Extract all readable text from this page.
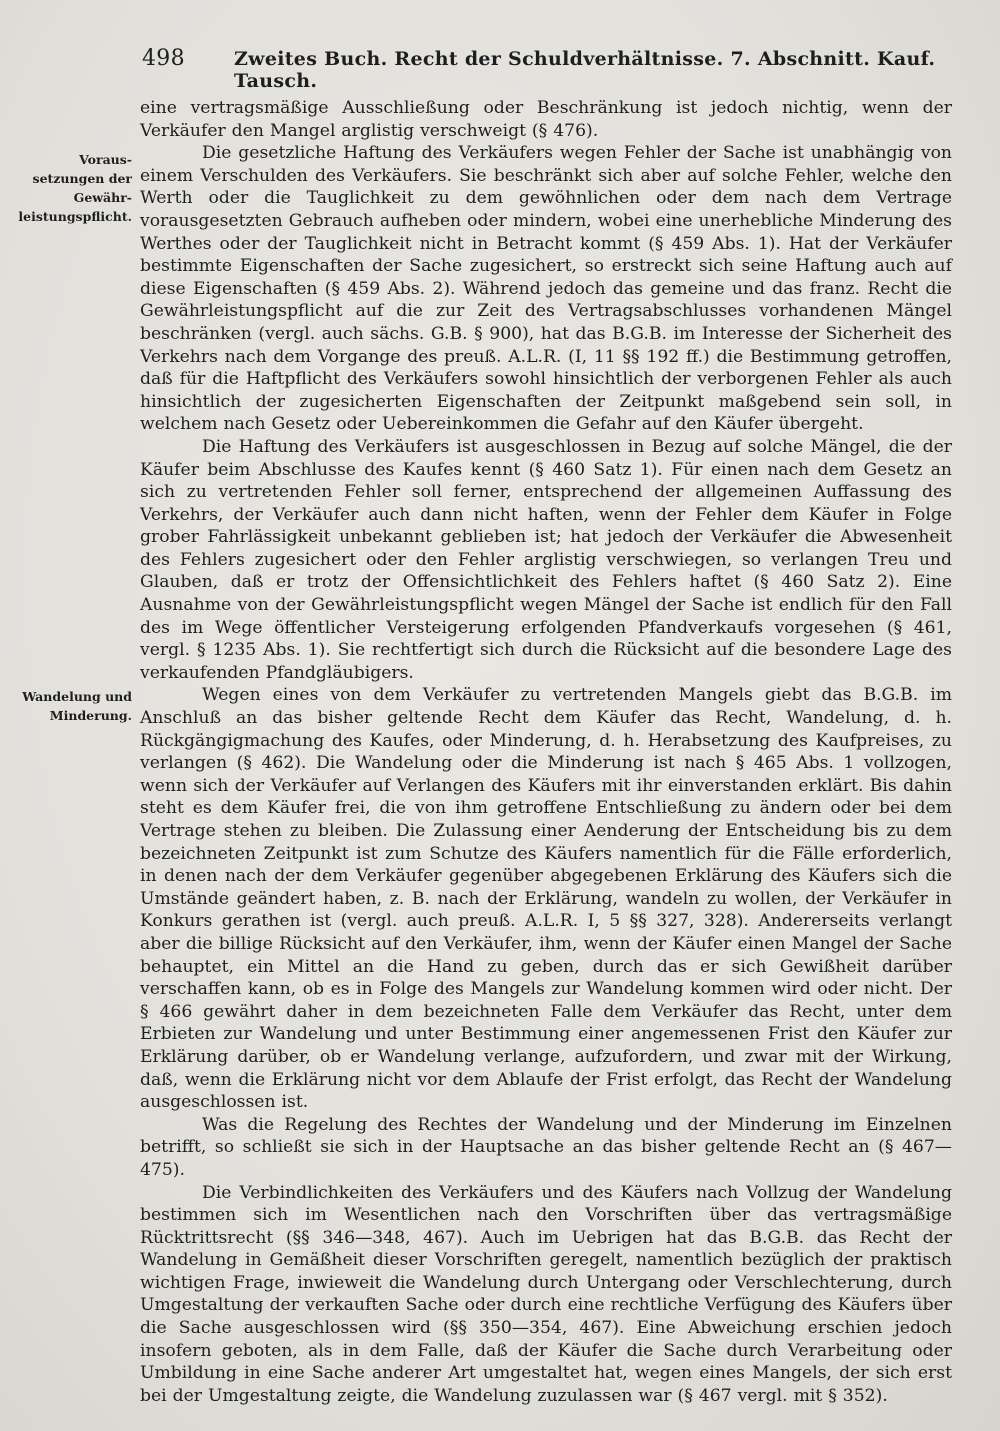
498	Zweites Buch. Recht der Schuldverhältnisse. 7. Abschnitt. Kauf. Tausch.
Voraus-
setzungen der
Gewähr-
leistungspflicht.
Wandelung und
Minderung.

eine vertragsmäßige Ausschließung oder Beschränkung ist jedoch nichtig, wenn der Verkäufer den Mangel arglistig verschweigt (§ 476).

Die gesetzliche Haftung des Verkäufers wegen Fehler der Sache ist unabhängig von einem Verschulden des Verkäufers. Sie beschränkt sich aber auf solche Fehler, welche den Werth oder die Tauglichkeit zu dem gewöhnlichen oder dem nach dem Vertrage vorausgesetzten Gebrauch aufheben oder mindern, wobei eine unerhebliche Minderung des Werthes oder der Tauglichkeit nicht in Betracht kommt (§ 459 Abs. 1). Hat der Verkäufer bestimmte Eigenschaften der Sache zugesichert, so erstreckt sich seine Haftung auch auf diese Eigenschaften (§ 459 Abs. 2). Während jedoch das gemeine und das franz. Recht die Gewährleistungspflicht auf die zur Zeit des Vertragsabschlusses vorhandenen Mängel beschränken (vergl. auch sächs. G.B. § 900), hat das B.G.B. im Interesse der Sicherheit des Verkehrs nach dem Vorgange des preuß. A.L.R. (I, 11 §§ 192 ff.) die Bestimmung getroffen, daß für die Haftpflicht des Verkäufers sowohl hinsichtlich der verborgenen Fehler als auch hinsichtlich der zugesicherten Eigenschaften der Zeitpunkt maßgebend sein soll, in welchem nach Gesetz oder Uebereinkommen die Gefahr auf den Käufer übergeht.

Die Haftung des Verkäufers ist ausgeschlossen in Bezug auf solche Mängel, die der Käufer beim Abschlusse des Kaufes kennt (§ 460 Satz 1). Für einen nach dem Gesetz an sich zu vertretenden Fehler soll ferner, entsprechend der allgemeinen Auffassung des Verkehrs, der Verkäufer auch dann nicht haften, wenn der Fehler dem Käufer in Folge grober Fahrlässigkeit unbekannt geblieben ist; hat jedoch der Verkäufer die Abwesenheit des Fehlers zugesichert oder den Fehler arglistig verschwiegen, so verlangen Treu und Glauben, daß er trotz der Offensichtlichkeit des Fehlers haftet (§ 460 Satz 2). Eine Ausnahme von der Gewährleistungspflicht wegen Mängel der Sache ist endlich für den Fall des im Wege öffentlicher Versteigerung erfolgenden Pfandverkaufs vorgesehen (§ 461, vergl. § 1235 Abs. 1). Sie rechtfertigt sich durch die Rücksicht auf die besondere Lage des verkaufenden Pfandgläubigers.

Wegen eines von dem Verkäufer zu vertretenden Mangels giebt das B.G.B. im Anschluß an das bisher geltende Recht dem Käufer das Recht, Wandelung, d. h. Rückgängigmachung des Kaufes, oder Minderung, d. h. Herabsetzung des Kaufpreises, zu verlangen (§ 462). Die Wandelung oder die Minderung ist nach § 465 Abs. 1 vollzogen, wenn sich der Verkäufer auf Verlangen des Käufers mit ihr einverstanden erklärt. Bis dahin steht es dem Käufer frei, die von ihm getroffene Entschließung zu ändern oder bei dem Vertrage stehen zu bleiben. Die Zulassung einer Aenderung der Entscheidung bis zu dem bezeichneten Zeitpunkt ist zum Schutze des Käufers namentlich für die Fälle erforderlich, in denen nach der dem Verkäufer gegenüber abgegebenen Erklärung des Käufers sich die Umstände geändert haben, z. B. nach der Erklärung, wandeln zu wollen, der Verkäufer in Konkurs gerathen ist (vergl. auch preuß. A.L.R. I, 5 §§ 327, 328). Andererseits verlangt aber die billige Rücksicht auf den Verkäufer, ihm, wenn der Käufer einen Mangel der Sache behauptet, ein Mittel an die Hand zu geben, durch das er sich Gewißheit darüber verschaffen kann, ob es in Folge des Mangels zur Wandelung kommen wird oder nicht. Der § 466 gewährt daher in dem bezeichneten Falle dem Verkäufer das Recht, unter dem Erbieten zur Wandelung und unter Bestimmung einer angemessenen Frist den Käufer zur Erklärung darüber, ob er Wandelung verlange, aufzufordern, und zwar mit der Wirkung, daß, wenn die Erklärung nicht vor dem Ablaufe der Frist erfolgt, das Recht der Wandelung ausgeschlossen ist.

Was die Regelung des Rechtes der Wandelung und der Minderung im Einzelnen betrifft, so schließt sie sich in der Hauptsache an das bisher geltende Recht an (§ 467—475).

Die Verbindlichkeiten des Verkäufers und des Käufers nach Vollzug der Wandelung bestimmen sich im Wesentlichen nach den Vorschriften über das vertragsmäßige Rücktrittsrecht (§§ 346—348, 467). Auch im Uebrigen hat das B.G.B. das Recht der Wandelung in Gemäßheit dieser Vorschriften geregelt, namentlich bezüglich der praktisch wichtigen Frage, inwieweit die Wandelung durch Untergang oder Verschlechterung, durch Umgestaltung der verkauften Sache oder durch eine rechtliche Verfügung des Käufers über die Sache ausgeschlossen wird (§§ 350—354, 467). Eine Abweichung erschien jedoch insofern geboten, als in dem Falle, daß der Käufer die Sache durch Verarbeitung oder Umbildung in eine Sache anderer Art umgestaltet hat, wegen eines Mangels, der sich erst bei der Umgestaltung zeigte, die Wandelung zuzulassen war (§ 467 vergl. mit § 352).
